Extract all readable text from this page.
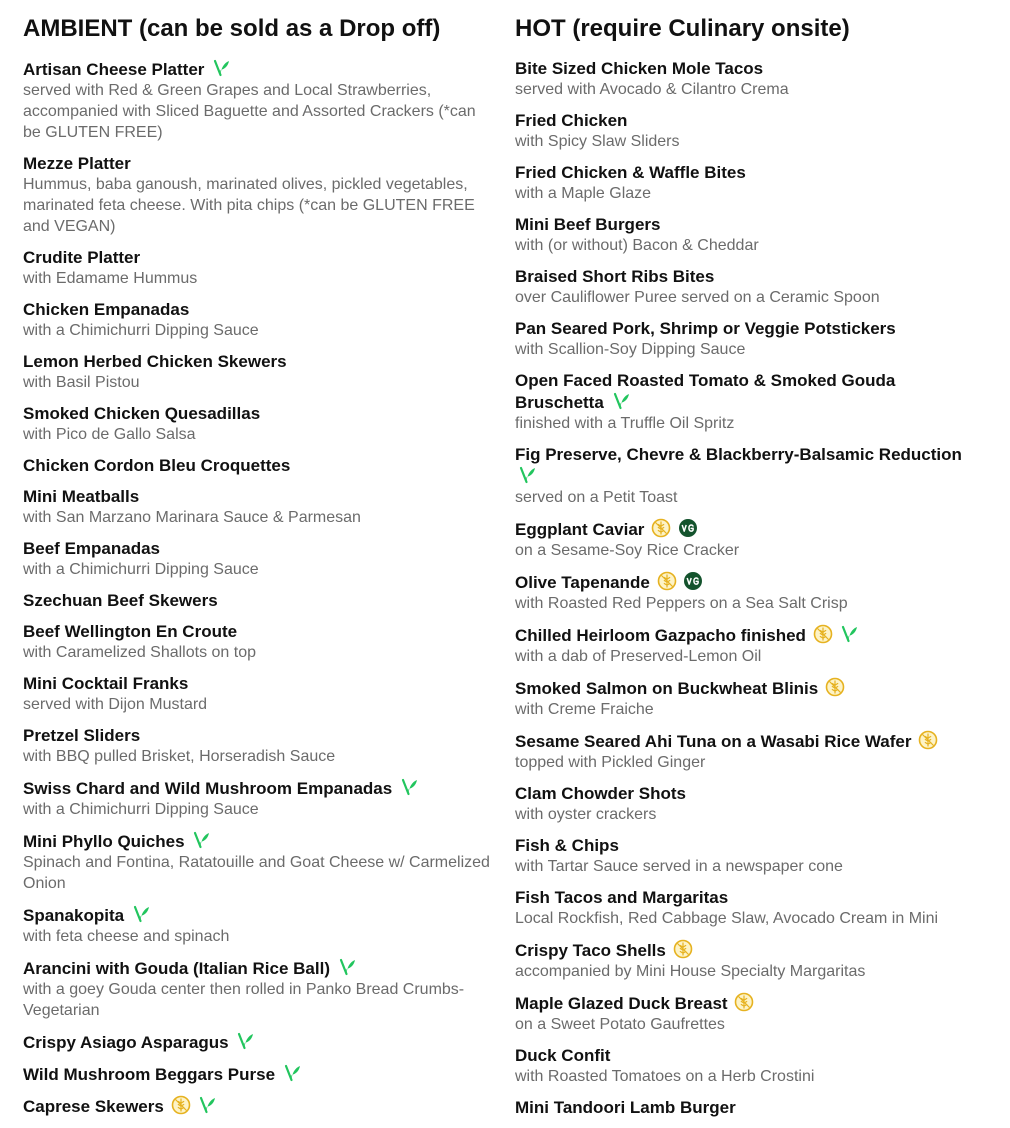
AMBIENT (can be sold as a Drop off)
Artisan Cheese Platter
served with Red & Green Grapes and Local Strawberries, accompanied with Sliced Baguette and Assorted Crackers (*can be GLUTEN FREE)
Mezze Platter
Hummus, baba ganoush, marinated olives, pickled vegetables, marinated feta cheese. With pita chips (*can be GLUTEN FREE and VEGAN)
Crudite Platter
with Edamame Hummus
Chicken Empanadas
with a Chimichurri Dipping Sauce
Lemon Herbed Chicken Skewers
with Basil Pistou
Smoked Chicken Quesadillas
with Pico de Gallo Salsa
Chicken Cordon Bleu Croquettes
Mini Meatballs
with San Marzano Marinara Sauce & Parmesan
Beef Empanadas
with a Chimichurri Dipping Sauce
Szechuan Beef Skewers
Beef Wellington En Croute
with Caramelized Shallots on top
Mini Cocktail Franks
served with Dijon Mustard
Pretzel Sliders
with BBQ pulled Brisket, Horseradish Sauce
Swiss Chard and Wild Mushroom Empanadas
with a Chimichurri Dipping Sauce
Mini Phyllo Quiches
Spinach and Fontina, Ratatouille and Goat Cheese w/ Carmelized Onion
Spanakopita
with feta cheese and spinach
Arancini with Gouda (Italian Rice Ball)
with a goey Gouda center then rolled in Panko Bread Crumbs- Vegetarian
Crispy Asiago Asparagus
Wild Mushroom Beggars Purse
Caprese Skewers

HOT (require Culinary onsite)
Bite Sized Chicken Mole Tacos
served with Avocado & Cilantro Crema
Fried Chicken
with Spicy Slaw Sliders
Fried Chicken & Waffle Bites
with a Maple Glaze
Mini Beef Burgers
with (or without) Bacon & Cheddar
Braised Short Ribs Bites
over Cauliflower Puree served on a Ceramic Spoon
Pan Seared Pork, Shrimp or Veggie Potstickers
with Scallion-Soy Dipping Sauce
Open Faced Roasted Tomato & Smoked Gouda Bruschetta
finished with a Truffle Oil Spritz
Fig Preserve, Chevre & Blackberry-Balsamic Reduction
served on a Petit Toast
Eggplant Caviar

on a Sesame-Soy Rice Cracker
Olive Tapenande

with Roasted Red Peppers on a Sea Salt Crisp
Chilled Heirloom Gazpacho finished

with a dab of Preserved-Lemon Oil
Smoked Salmon on Buckwheat Blinis
with Creme Fraiche
Sesame Seared Ahi Tuna on a Wasabi Rice Wafer
topped with Pickled Ginger
Clam Chowder Shots
with oyster crackers
Fish & Chips
with Tartar Sauce served in a newspaper cone
Fish Tacos and Margaritas
Local Rockfish, Red Cabbage Slaw, Avocado Cream in Mini
Crispy Taco Shells
accompanied by Mini House Specialty Margaritas
Maple Glazed Duck Breast
on a Sweet Potato Gaufrettes
Duck Confit
with Roasted Tomatoes on a Herb Crostini
Mini Tandoori Lamb Burger
